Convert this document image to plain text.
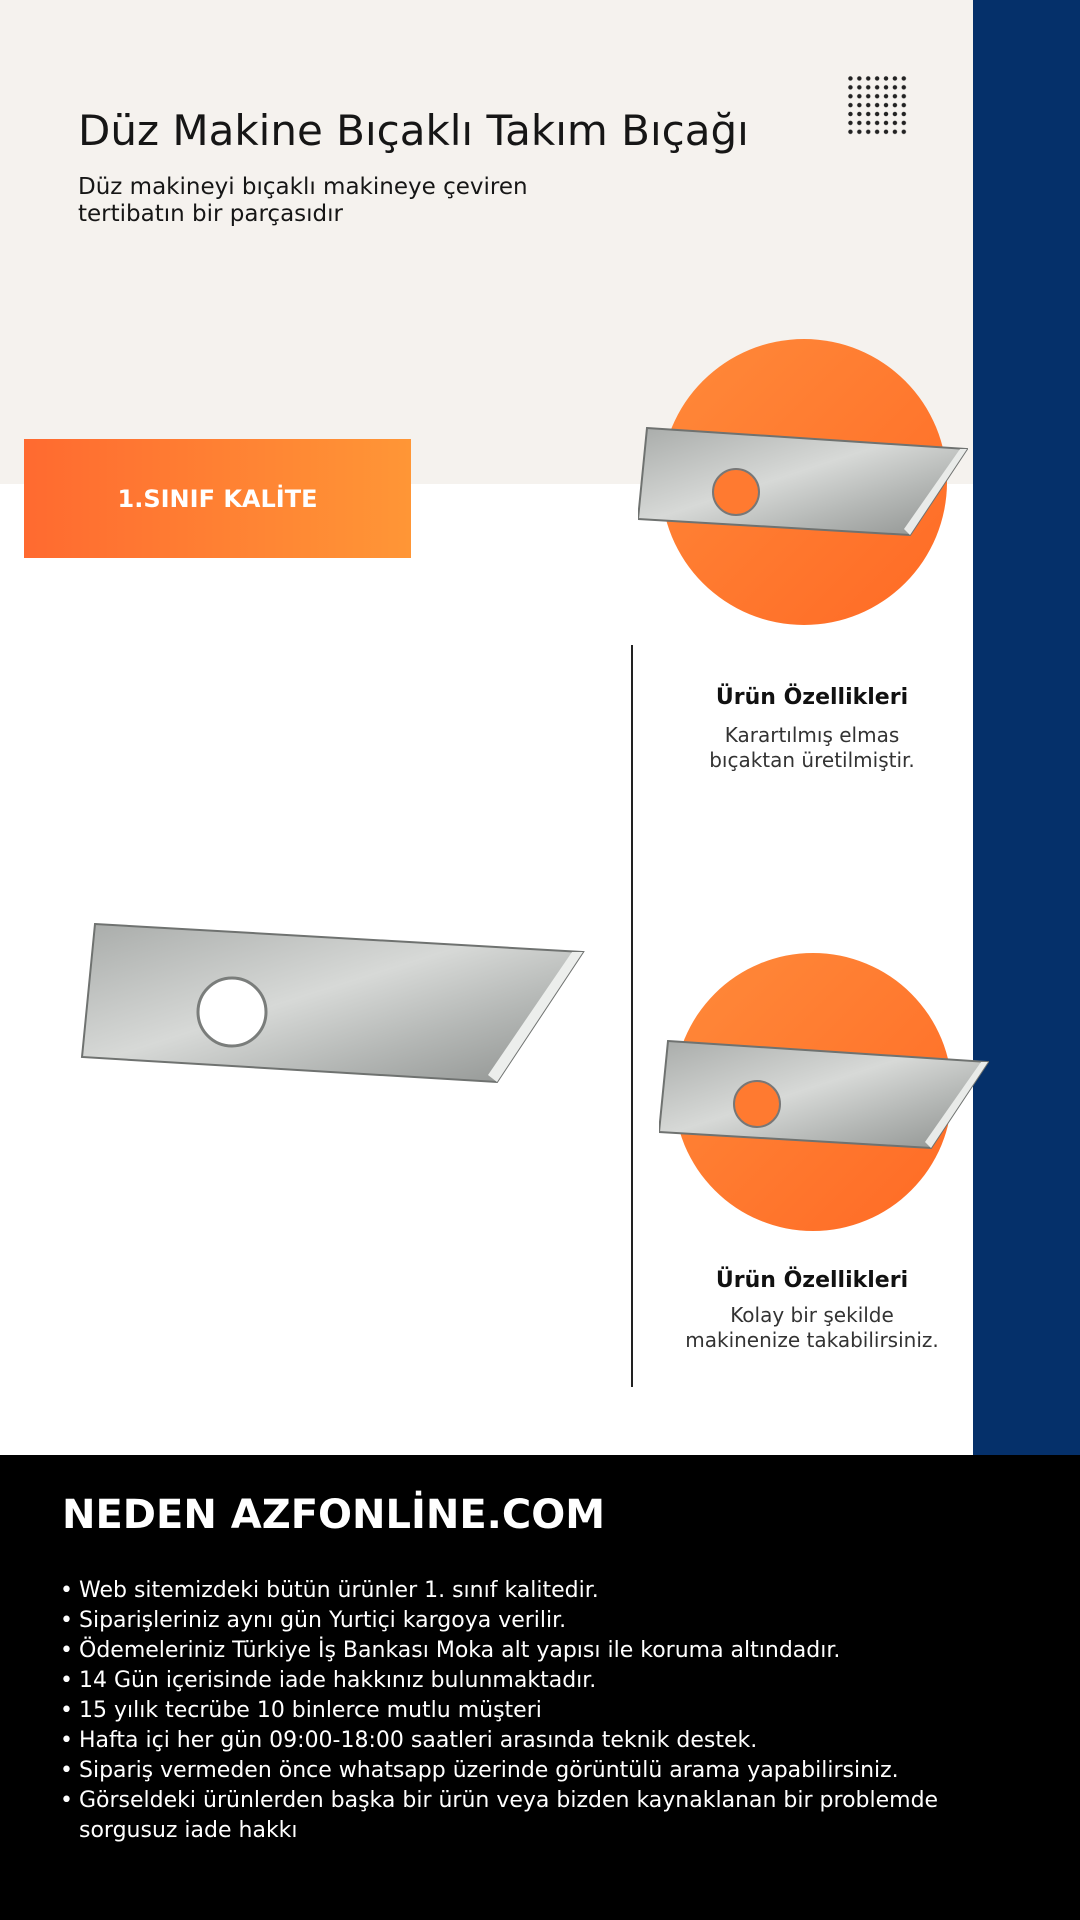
Düz Makine Bıçaklı Takım Bıçağı
Düz makineyi bıçaklı makineye çeviren tertibatın bir parçasıdır
1.SINIF KALİTE
Ürün Özellikleri
Karartılmış elmas bıçaktan üretilmiştir.
Ürün Özellikleri
Kolay bir şekilde makinenize takabilirsiniz.
NEDEN AZFONLİNE.COM
• Web sitemizdeki bütün ürünler 1. sınıf kalitedir.
• Siparişleriniz aynı gün Yurtiçi kargoya verilir.
• Ödemeleriniz Türkiye İş Bankası Moka alt yapısı ile koruma altındadır.
• 14 Gün içerisinde iade hakkınız bulunmaktadır.
• 15 yılık tecrübe 10 binlerce mutlu müşteri
• Hafta içi her gün 09:00-18:00 saatleri arasında teknik destek.
• Sipariş vermeden önce whatsapp üzerinde görüntülü arama yapabilirsiniz.
• Görseldeki ürünlerden başka bir ürün veya bizden kaynaklanan bir problemde sorgusuz iade hakkı
